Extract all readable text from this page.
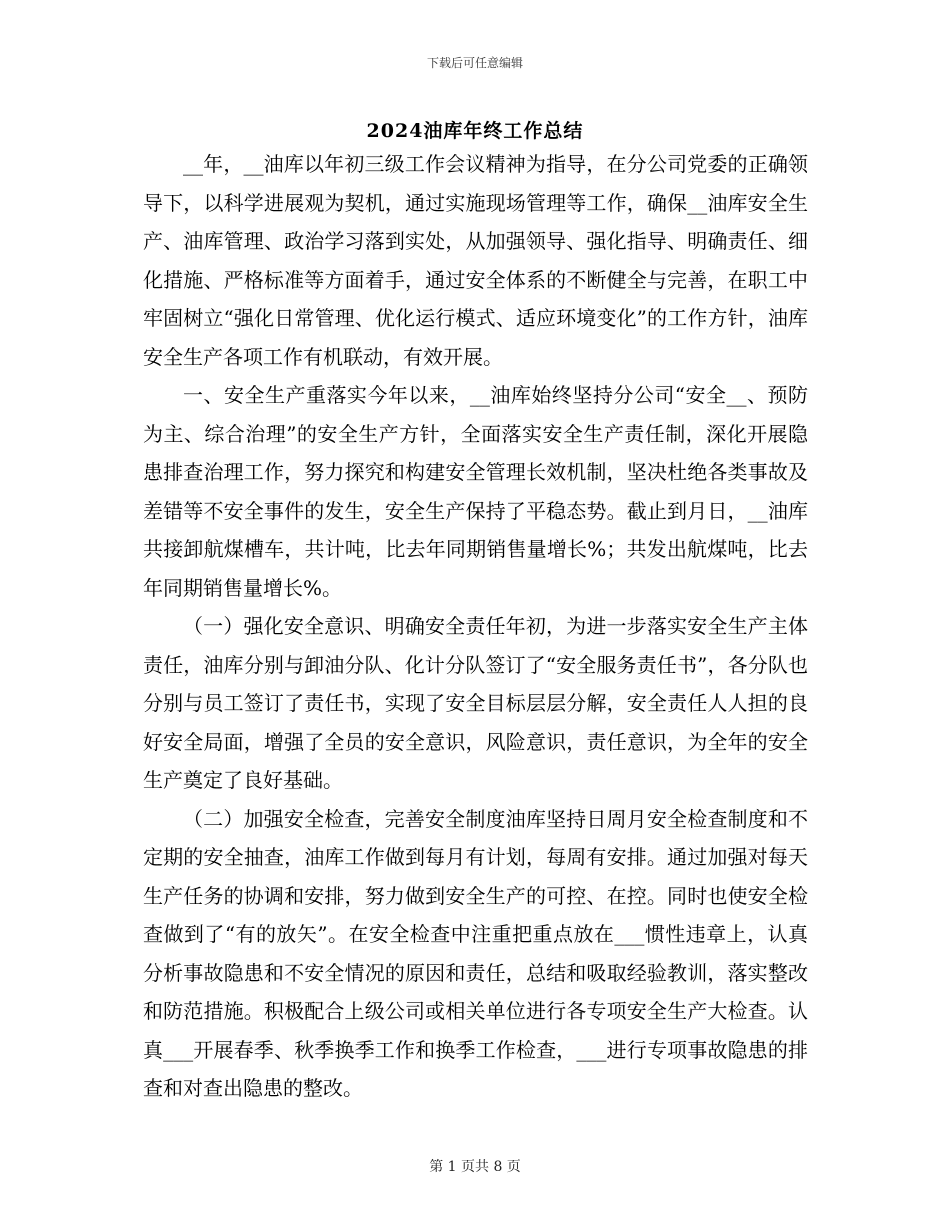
下载后可任意编辑
2024油库年终工作总结

__年，__油库以年初三级工作会议精神为指导，在分公司党委的正确领导下，以科学进展观为契机，通过实施现场管理等工作，确保__油库安全生产、油库管理、政治学习落到实处，从加强领导、强化指导、明确责任、细化措施、严格标准等方面着手，通过安全体系的不断健全与完善，在职工中牢固树立“强化日常管理、优化运行模式、适应环境变化”的工作方针，油库安全生产各项工作有机联动，有效开展。

一、安全生产重落实今年以来，__油库始终坚持分公司“安全__、预防为主、综合治理”的安全生产方针，全面落实安全生产责任制，深化开展隐患排查治理工作，努力探究和构建安全管理长效机制，坚决杜绝各类事故及差错等不安全事件的发生，安全生产保持了平稳态势。截止到月日，__油库共接卸航煤槽车，共计吨，比去年同期销售量增长%；共发出航煤吨，比去年同期销售量增长%。

（一）强化安全意识、明确安全责任年初，为进一步落实安全生产主体责任，油库分别与卸油分队、化计分队签订了“安全服务责任书”，各分队也分别与员工签订了责任书，实现了安全目标层层分解，安全责任人人担的良好安全局面，增强了全员的安全意识，风险意识，责任意识，为全年的安全生产奠定了良好基础。

（二）加强安全检查，完善安全制度油库坚持日周月安全检查制度和不定期的安全抽查，油库工作做到每月有计划，每周有安排。通过加强对每天生产任务的协调和安排，努力做到安全生产的可控、在控。同时也使安全检查做到了“有的放矢”。在安全检查中注重把重点放在___惯性违章上，认真分析事故隐患和不安全情况的原因和责任，总结和吸取经验教训，落实整改和防范措施。积极配合上级公司或相关单位进行各专项安全生产大检查。认真___开展春季、秋季换季工作和换季工作检查，___进行专项事故隐患的排查和对查出隐患的整改。

第 1 页共 8 页
